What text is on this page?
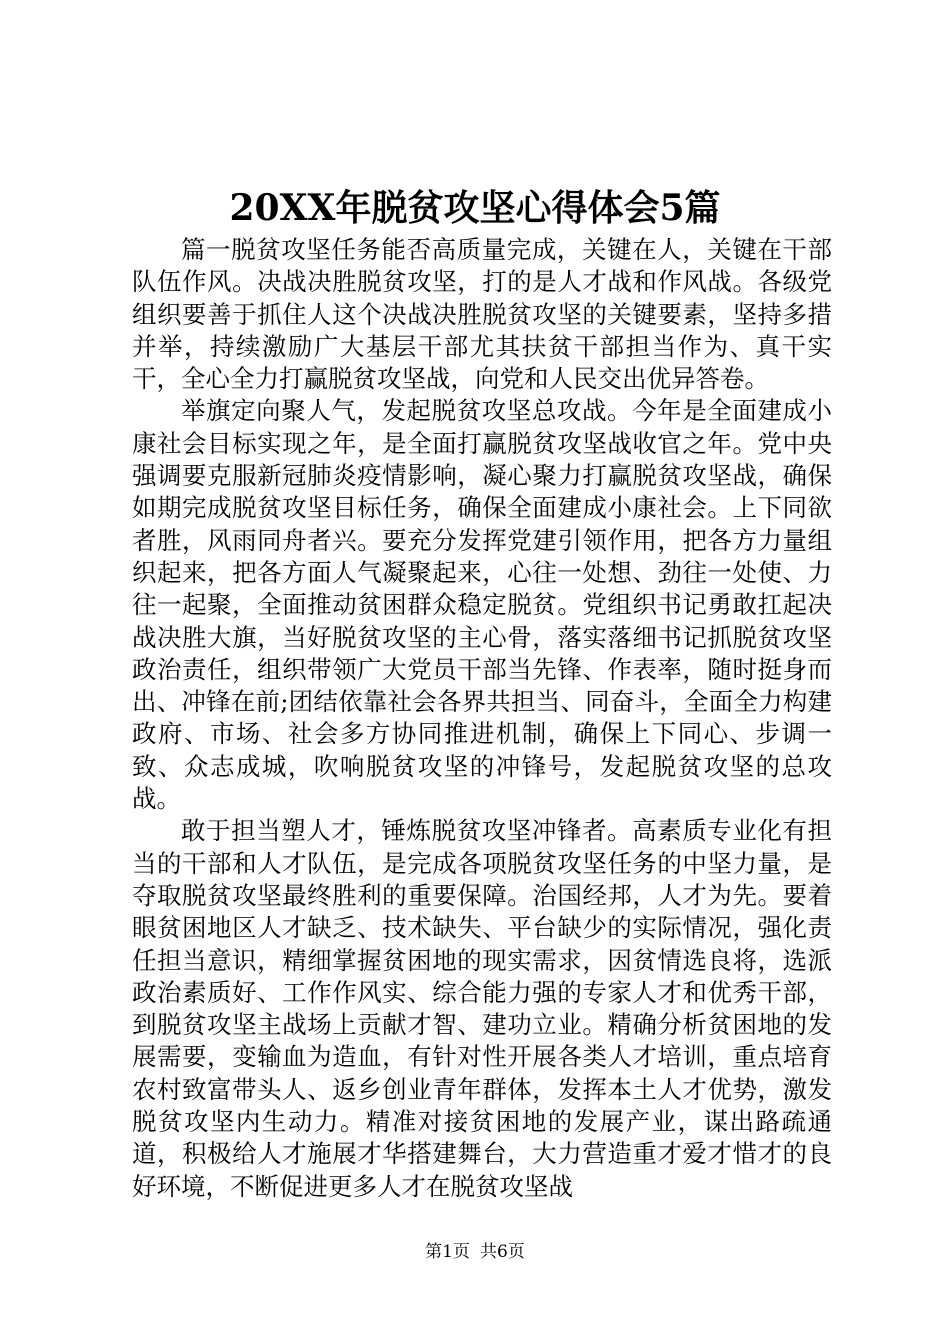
20XX年脱贫攻坚心得体会5篇

篇一脱贫攻坚任务能否高质量完成，关键在人，关键在干部队伍作风。决战决胜脱贫攻坚，打的是人才战和作风战。各级党组织要善于抓住人这个决战决胜脱贫攻坚的关键要素，坚持多措并举，持续激励广大基层干部尤其扶贫干部担当作为、真干实干，全心全力打赢脱贫攻坚战，向党和人民交出优异答卷。

举旗定向聚人气，发起脱贫攻坚总攻战。今年是全面建成小康社会目标实现之年，是全面打赢脱贫攻坚战收官之年。党中央强调要克服新冠肺炎疫情影响，凝心聚力打赢脱贫攻坚战，确保如期完成脱贫攻坚目标任务，确保全面建成小康社会。上下同欲者胜，风雨同舟者兴。要充分发挥党建引领作用，把各方力量组织起来，把各方面人气凝聚起来，心往一处想、劲往一处使、力往一起聚，全面推动贫困群众稳定脱贫。党组织书记勇敢扛起决战决胜大旗，当好脱贫攻坚的主心骨，落实落细书记抓脱贫攻坚政治责任，组织带领广大党员干部当先锋、作表率，随时挺身而出、冲锋在前;团结依靠社会各界共担当、同奋斗，全面全力构建政府、市场、社会多方协同推进机制，确保上下同心、步调一致、众志成城，吹响脱贫攻坚的冲锋号，发起脱贫攻坚的总攻战。

敢于担当塑人才，锤炼脱贫攻坚冲锋者。高素质专业化有担当的干部和人才队伍，是完成各项脱贫攻坚任务的中坚力量，是夺取脱贫攻坚最终胜利的重要保障。治国经邦，人才为先。要着眼贫困地区人才缺乏、技术缺失、平台缺少的实际情况，强化责任担当意识，精细掌握贫困地的现实需求，因贫情选良将，选派政治素质好、工作作风实、综合能力强的专家人才和优秀干部，到脱贫攻坚主战场上贡献才智、建功立业。精确分析贫困地的发展需要，变输血为造血，有针对性开展各类人才培训，重点培育农村致富带头人、返乡创业青年群体，发挥本土人才优势，激发脱贫攻坚内生动力。精准对接贫困地的发展产业，谋出路疏通道，积极给人才施展才华搭建舞台，大力营造重才爱才惜才的良好环境，不断促进更多人才在脱贫攻坚战

第1页 共6页
